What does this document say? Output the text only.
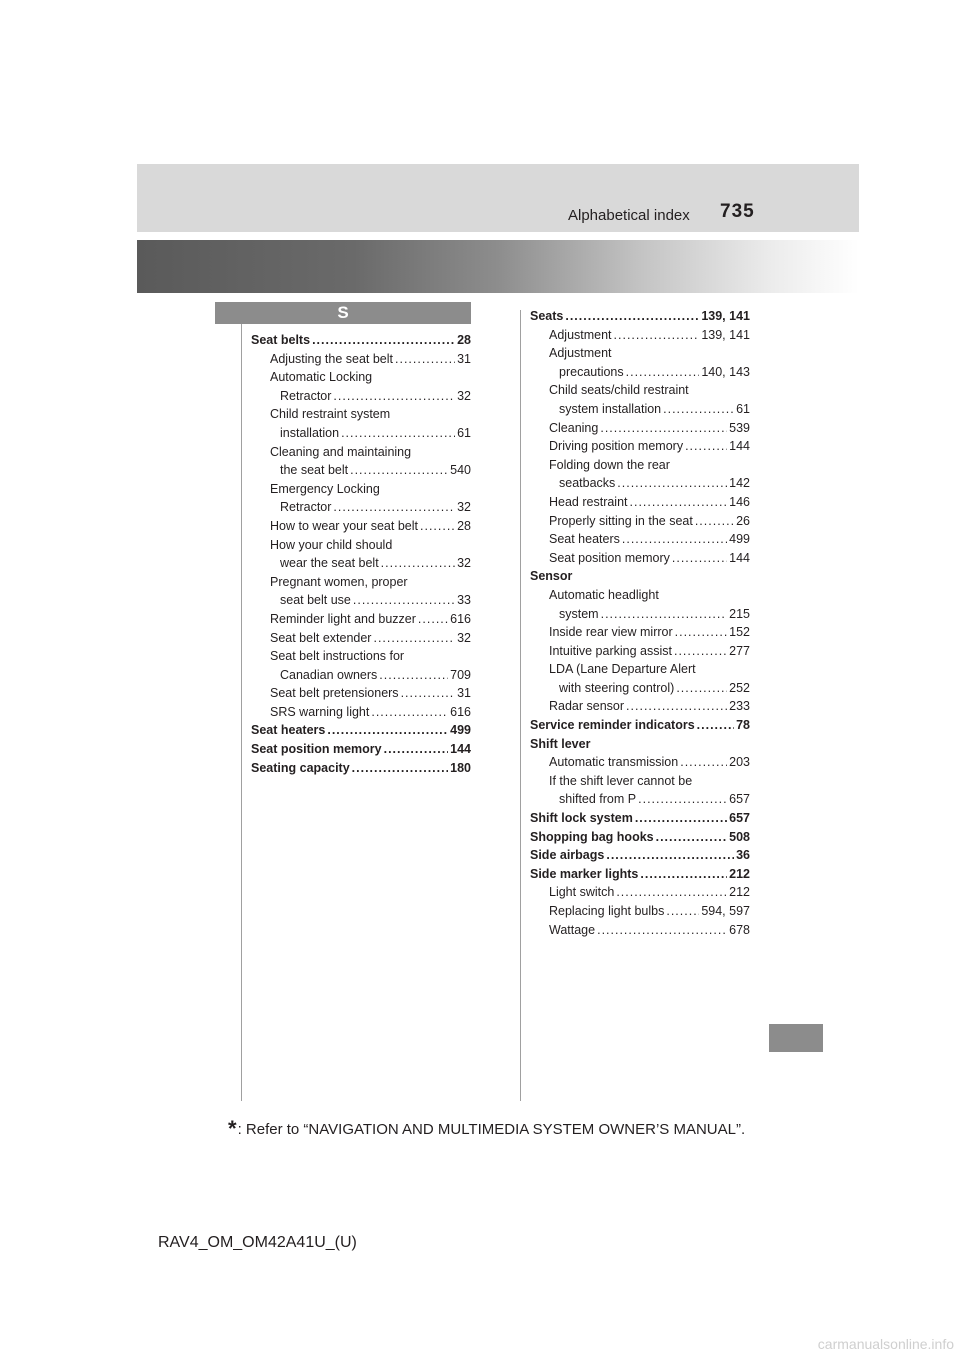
Alphabetical index 735
S
Seat belts .....	28
Adjusting the seat belt .....	31
Automatic Locking
Retractor .....	32
Child restraint system
installation .....	61
Cleaning and maintaining
the seat belt .....	540
Emergency Locking
Retractor .....	32
How to wear your seat belt .....	28
How your child should
wear the seat belt .....	32
Pregnant women, proper
seat belt use .....	33
Reminder light and buzzer .....	616
Seat belt extender .....	32
Seat belt instructions for
Canadian owners .....	709
Seat belt pretensioners .....	31
SRS warning light .....	616
Seat heaters .....	499
Seat position memory .....	144
Seating capacity .....	180
Seats .....	139, 141
Adjustment .....	139, 141
Adjustment
precautions .....	140, 143
Child seats/child restraint
system installation .....	61
Cleaning .....	539
Driving position memory .....	144
Folding down the rear
seatbacks .....	142
Head restraint .....	146
Properly sitting in the seat .....	26
Seat heaters .....	499
Seat position memory .....	144
Sensor
Automatic headlight
system .....	215
Inside rear view mirror .....	152
Intuitive parking assist .....	277
LDA (Lane Departure Alert
with steering control) .....	252
Radar sensor .....	233
Service reminder indicators .....	78
Shift lever
Automatic transmission .....	203
If the shift lever cannot be
shifted from P .....	657
Shift lock system .....	657
Shopping bag hooks .....	508
Side airbags .....	36
Side marker lights .....	212
Light switch .....	212
Replacing light bulbs .....	594, 597
Wattage .....	678
*: Refer to “NAVIGATION AND MULTIMEDIA SYSTEM OWNER’S MANUAL”.
RAV4_OM_OM42A41U_(U)
carmanualsonline.info
